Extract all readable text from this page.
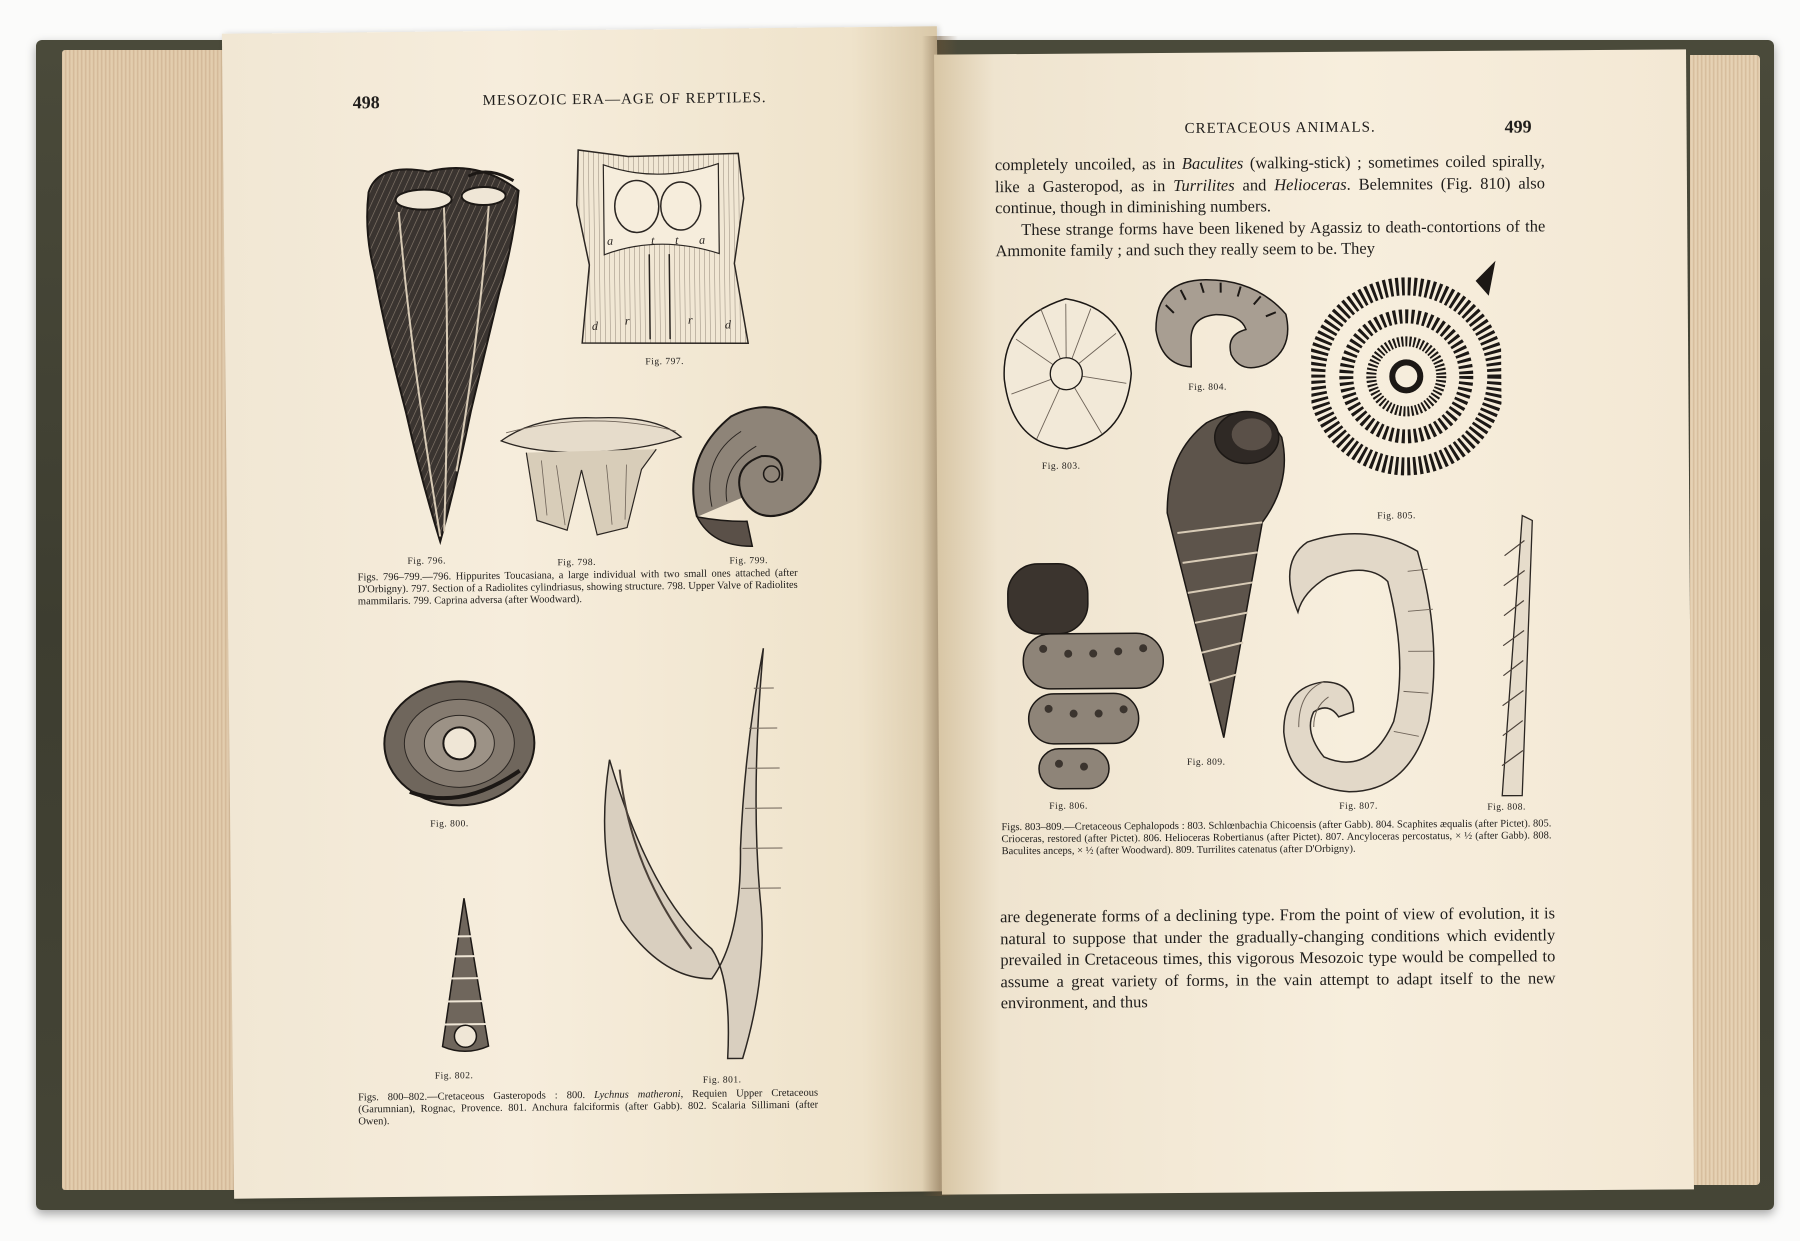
498	MESOZOIC ERA—AGE OF REPTILES.
Fig. 796.
a	a
t t
r	r
d	d
Fig. 797.
Fig. 798.	Fig. 799.

Figs. 796–799.—796. Hippurites Toucasiana, a large individual with two small ones attached (after D'Orbigny). 797. Section of a Radiolites cylindriasus, showing structure. 798. Upper Valve of Radiolites mammilaris. 799. Caprina adversa (after Woodward).

Fig. 800.
Fig. 802.	Fig. 801.

Figs. 800–802.—Cretaceous Gasteropods : 800. Lychnus matheroni, Requien Upper Cretaceous (Garumnian), Rognac, Provence. 801. Anchura falciformis (after Gabb). 802. Scalaria Sillimani (after Owen).

CRETACEOUS ANIMALS.	499

completely uncoiled, as in Baculites (walking-stick) ; sometimes coiled spirally, like a Gasteropod, as in Turrilites and Helioceras. Belemnites (Fig. 810) also continue, though in diminishing numbers.

These strange forms have been likened by Agassiz to death-contortions of the Ammonite family ; and such they really seem to be. They

Fig. 803.
Fig. 804.
Fig. 805.
Fig. 809.
Fig. 806.	Fig. 807.	Fig. 808.

Figs. 803–809.—Cretaceous Cephalopods : 803. Schlœnbachia Chicoensis (after Gabb). 804. Scaphites æqualis (after Pictet). 805. Crioceras, restored (after Pictet). 806. Helioceras Robertianus (after Pictet). 807. Ancyloceras percostatus, × ½ (after Gabb). 808. Baculites anceps, × ½ (after Woodward). 809. Turrilites catenatus (after D'Orbigny).

are degenerate forms of a declining type. From the point of view of evolution, it is natural to suppose that under the gradually-changing conditions which evidently prevailed in Cretaceous times, this vigorous Mesozoic type would be compelled to assume a great variety of forms, in the vain attempt to adapt itself to the new environment, and thus
